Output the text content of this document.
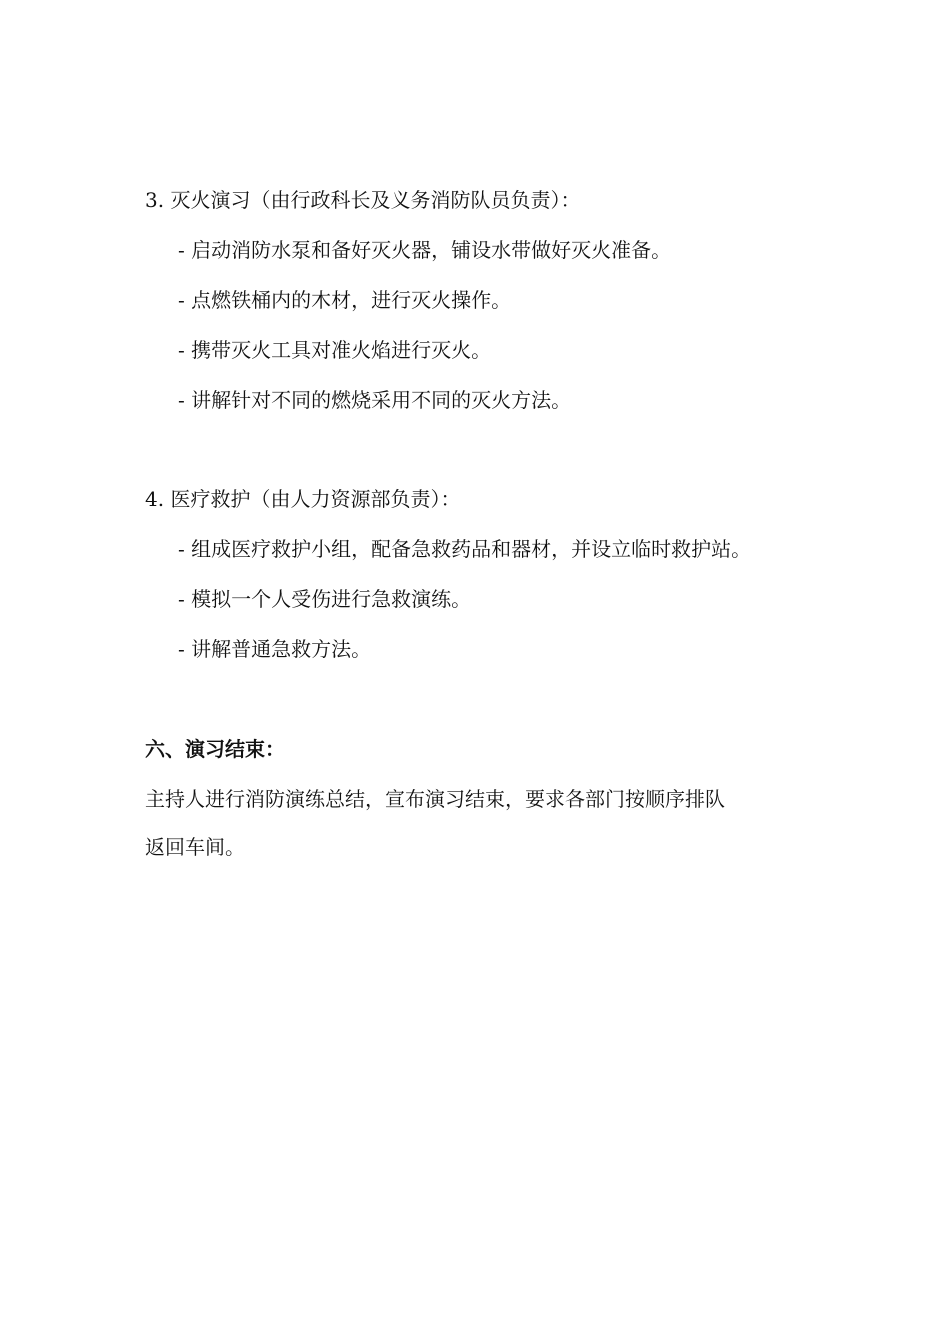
3. 灭火演习（由行政科长及义务消防队员负责）：
- 启动消防水泵和备好灭火器，铺设水带做好灭火准备。
- 点燃铁桶内的木材，进行灭火操作。
- 携带灭火工具对准火焰进行灭火。
- 讲解针对不同的燃烧采用不同的灭火方法。
4. 医疗救护（由人力资源部负责）：
- 组成医疗救护小组，配备急救药品和器材，并设立临时救护站。
- 模拟一个人受伤进行急救演练。
- 讲解普通急救方法。
六、演习结束：
主持人进行消防演练总结，宣布演习结束，要求各部门按顺序排队
返回车间。
